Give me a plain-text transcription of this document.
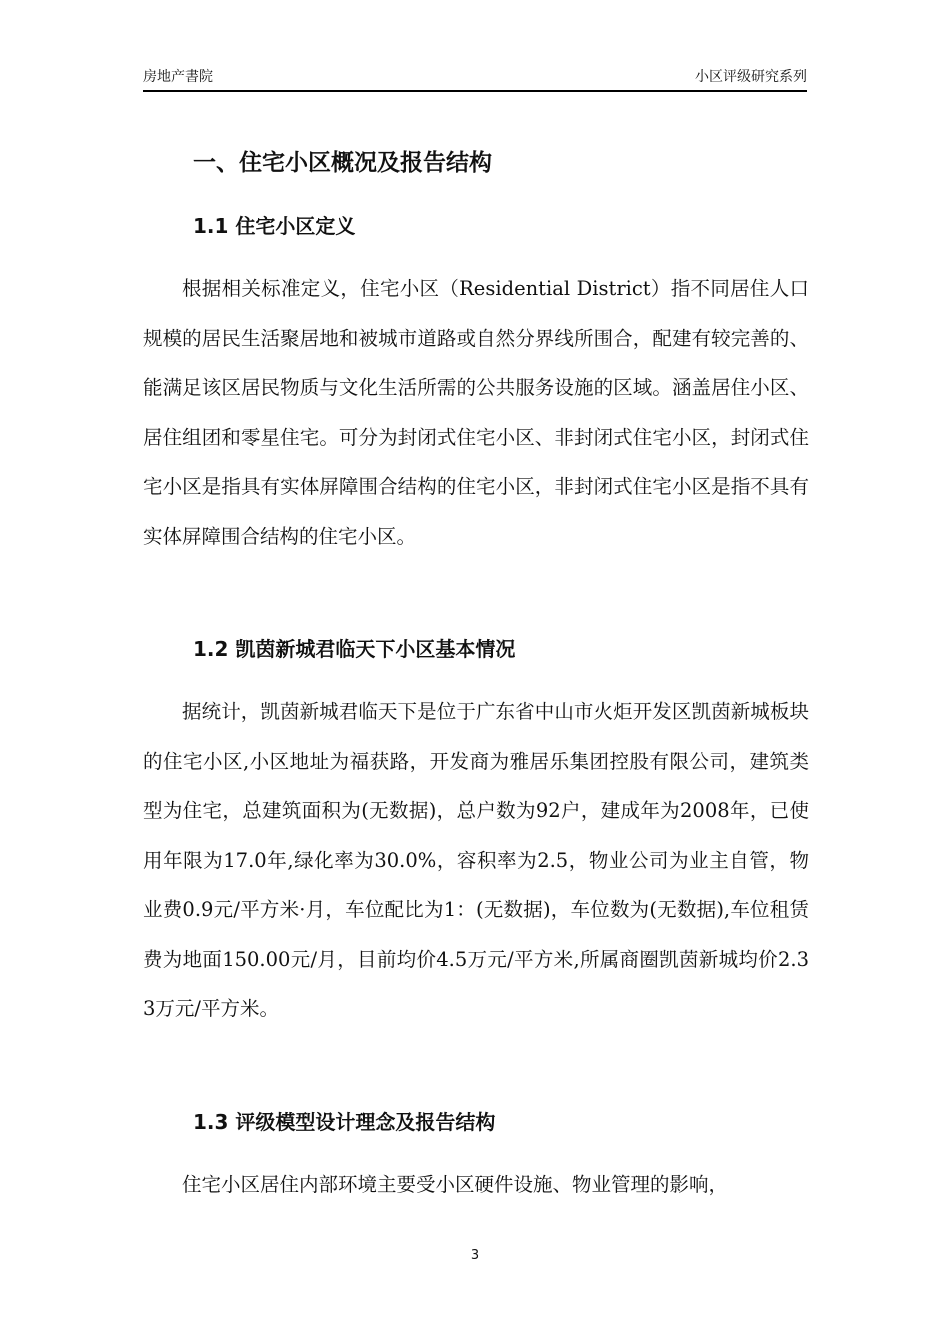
房地产書院	小区评级研究系列
一、住宅小区概况及报告结构
1.1 住宅小区定义
1.2 凯茵新城君临天下小区基本情况
1.3 评级模型设计理念及报告结构

根据相关标准定义，住宅小区（Residential District）指不同居住人口规模的居民生活聚居地和被城市道路或自然分界线所围合，配建有较完善的、能满足该区居民物质与文化生活所需的公共服务设施的区域。涵盖居住小区、居住组团和零星住宅。可分为封闭式住宅小区、非封闭式住宅小区，封闭式住宅小区是指具有实体屏障围合结构的住宅小区，非封闭式住宅小区是指不具有实体屏障围合结构的住宅小区。

据统计，凯茵新城君临天下是位于广东省中山市火炬开发区凯茵新城板块的住宅小区,小区地址为福获路，开发商为雅居乐集团控股有限公司，建筑类型为住宅，总建筑面积为(无数据)，总户数为92户，建成年为2008年，已使用年限为17.0年,绿化率为30.0%，容积率为2.5，物业公司为业主自管，物业费0.9元/平方米·月，车位配比为1：(无数据)，车位数为(无数据),车位租赁费为地面150.00元/月，目前均价4.5万元/平方米,所属商圈凯茵新城均价2.33万元/平方米。

住宅小区居住内部环境主要受小区硬件设施、物业管理的影响，

3
